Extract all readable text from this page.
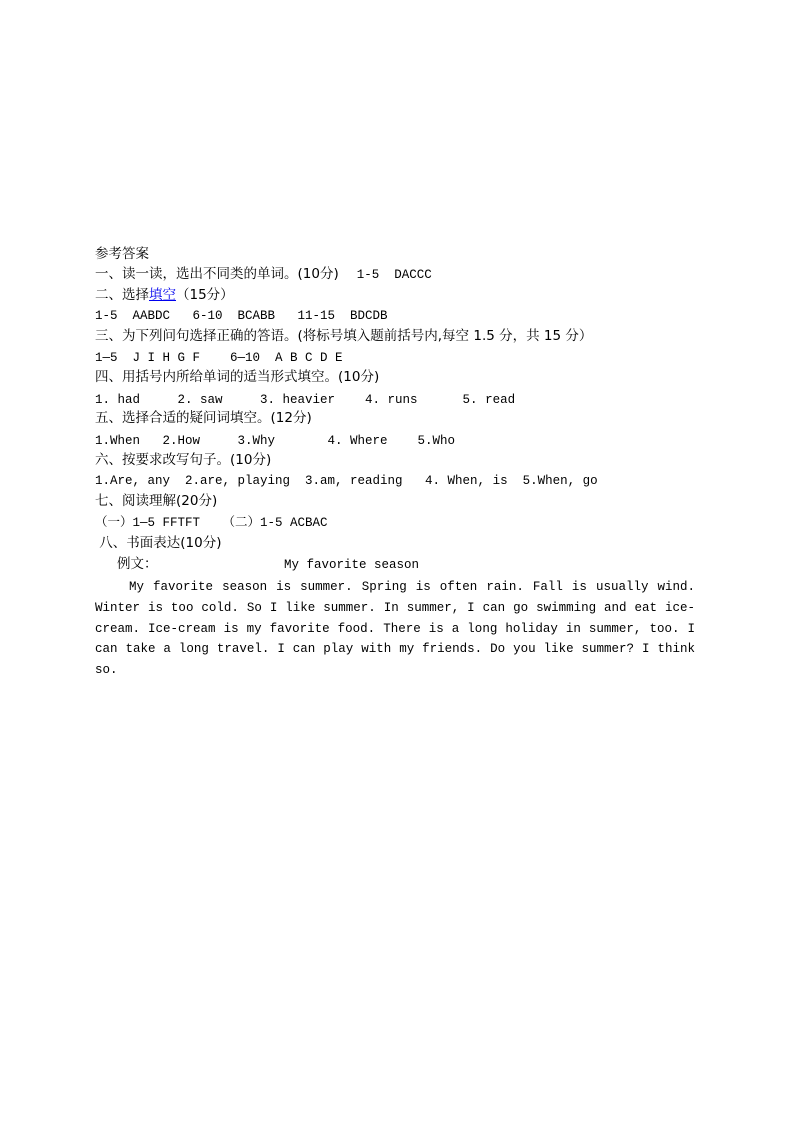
参考答案
一、读一读，选出不同类的单词。(10分) 1-5  DACCC
二、选择填空（15分）
1-5  AABDC   6-10  BCABB   11-15  BDCDB
三、为下列问句选择正确的答语。(将标号填入题前括号内,每空 1.5 分，共 15 分）
1—5  J I H G F    6—10  A B C D E
四、用括号内所给单词的适当形式填空。(10分)
1. had     2. saw     3. heavier    4. runs      5. read
五、选择合适的疑问词填空。(12分)
1.When   2.How     3.Why       4. Where    5.Who
六、按要求改写句子。(10分)
1.Are, any  2.are, playing  3.am, reading   4. When, is  5.When, go
七、阅读理解(20分)
（一）1—5 FFTFT   （二）1-5 ACBAC
八、书面表达(10分)
例文：	My favorite season

My favorite season is summer. Spring is often rain. Fall is usually wind. Winter is too cold. So I like summer. In summer, I can go swimming and eat ice-cream. Ice-cream is my favorite food. There is a long holiday in summer, too. I can take a long travel. I can play with my friends. Do you like summer? I think so.
